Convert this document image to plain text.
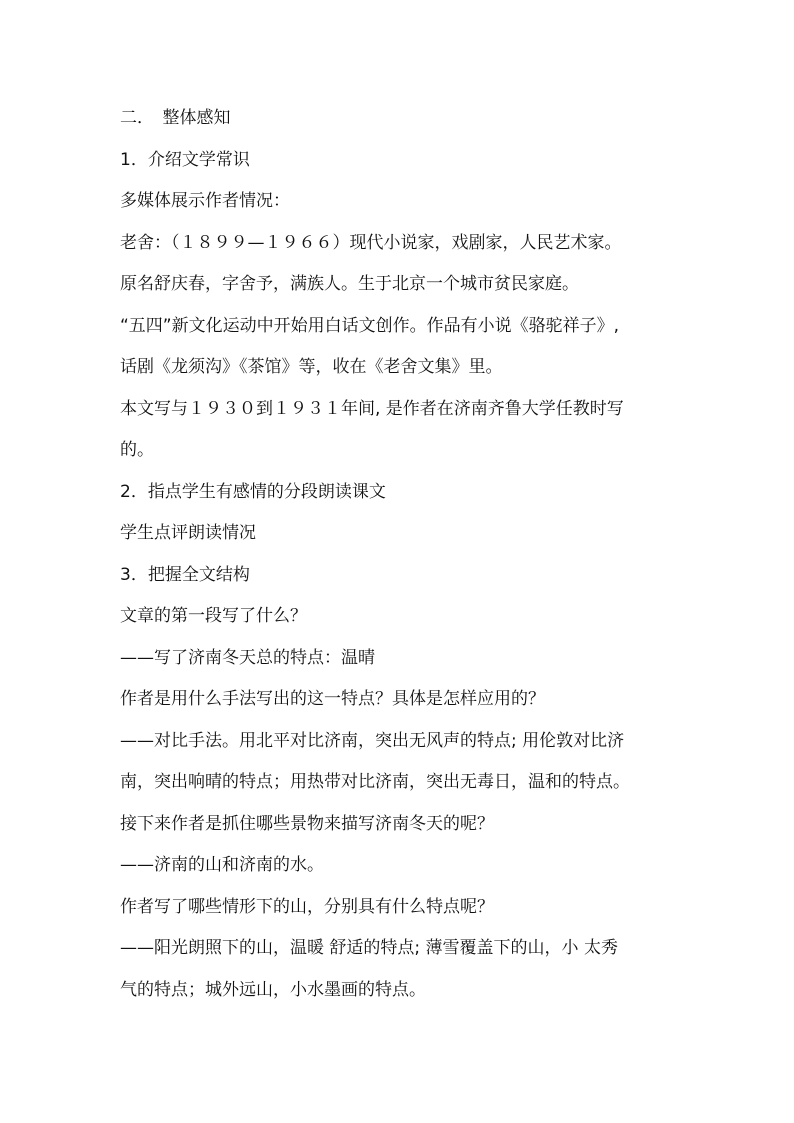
二．　整体感知
1．介绍文学常识
多媒体展示作者情况：
老舍：（１８９９—１９６６）现代小说家，戏剧家，人民艺术家。
原名舒庆春，字舍予，满族人。生于北京一个城市贫民家庭。
“五四”新文化运动中开始用白话文创作。作品有小说《骆驼祥子》,
话剧《龙须沟》《茶馆》等，收在《老舍文集》里。
本文写与１９３０到１９３１年间, 是作者在济南齐鲁大学任教时写
的。
2．指点学生有感情的分段朗读课文
学生点评朗读情况
3．把握全文结构
文章的第一段写了什么？
——写了济南冬天总的特点：温晴
作者是用什么手法写出的这一特点？具体是怎样应用的？
——对比手法。用北平对比济南，突出无风声的特点; 用伦敦对比济
南，突出响晴的特点；用热带对比济南，突出无毒日，温和的特点。
接下来作者是抓住哪些景物来描写济南冬天的呢？
——济南的山和济南的水。
作者写了哪些情形下的山，分别具有什么特点呢？
——阳光朗照下的山，温暖 舒适的特点; 薄雪覆盖下的山，小 太秀
气的特点；城外远山，小水墨画的特点。
